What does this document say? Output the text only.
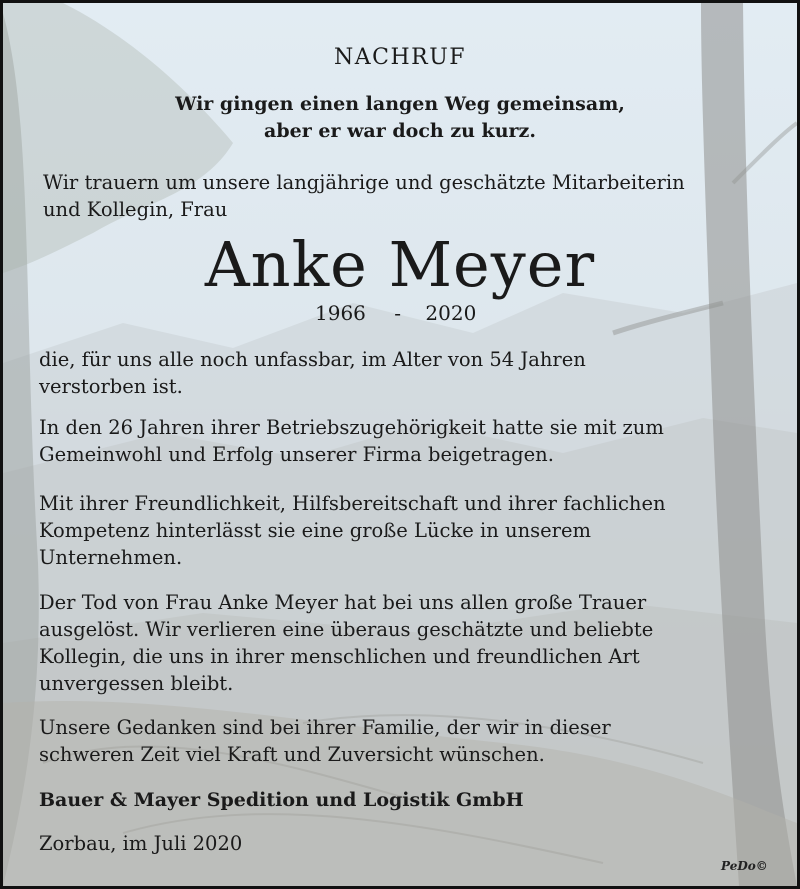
NACHRUF
Wir gingen einen langen Weg gemeinsam,
aber er war doch zu kurz.
Wir trauern um unsere langjährige und geschätzte Mitarbeiterin
und Kollegin, Frau
Anke Meyer
1966 - 2020
die, für uns alle noch unfassbar, im Alter von 54 Jahren
verstorben ist.
In den 26 Jahren ihrer Betriebszugehörigkeit hatte sie mit zum
Gemeinwohl und Erfolg unserer Firma beigetragen.
Mit ihrer Freundlichkeit, Hilfsbereitschaft und ihrer fachlichen
Kompetenz hinterlässt sie eine große Lücke in unserem
Unternehmen.
Der Tod von Frau Anke Meyer hat bei uns allen große Trauer
ausgelöst. Wir verlieren eine überaus geschätzte und beliebte
Kollegin, die uns in ihrer menschlichen und freundlichen Art
unvergessen bleibt.
Unsere Gedanken sind bei ihrer Familie, der wir in dieser
schweren Zeit viel Kraft und Zuversicht wünschen.
Bauer & Mayer Spedition und Logistik GmbH
Zorbau, im Juli 2020
PeDo©
